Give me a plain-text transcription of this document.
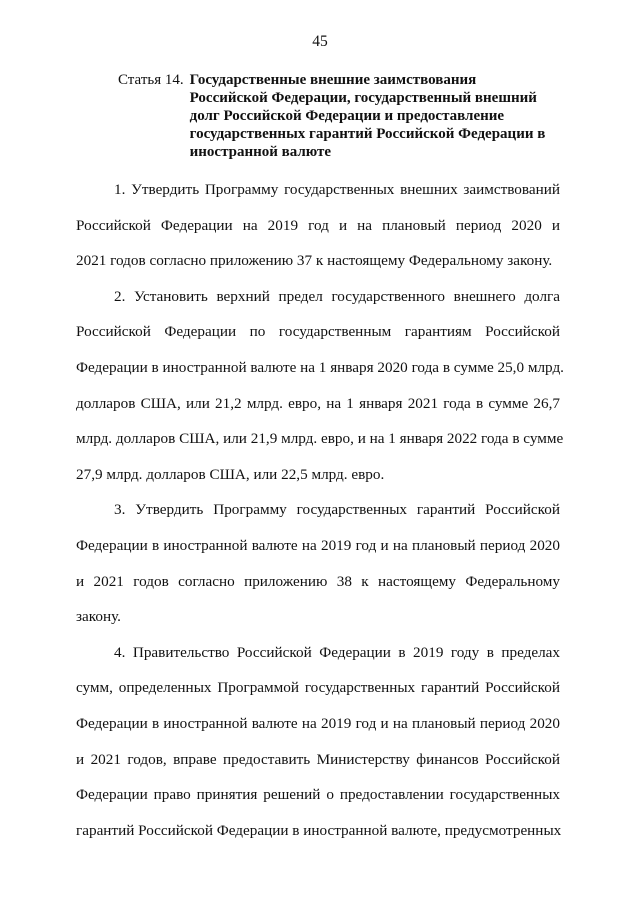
45
Статья 14. Государственные внешние заимствования
Российской Федерации, государственный внешний
долг Российской Федерации и предоставление
государственных гарантий Российской Федерации в
иностранной валюте
1. Утвердить Программу государственных внешних заимствований
Российской Федерации на 2019 год и на плановый период 2020 и
2021 годов согласно приложению 37 к настоящему Федеральному закону.
2. Установить верхний предел государственного внешнего долга
Российской Федерации по государственным гарантиям Российской
Федерации в иностранной валюте на 1 января 2020 года в сумме 25,0 млрд.
долларов США, или 21,2 млрд. евро, на 1 января 2021 года в сумме 26,7
млрд. долларов США, или 21,9 млрд. евро, и на 1 января 2022 года в сумме
27,9 млрд. долларов США, или 22,5 млрд. евро.
3. Утвердить Программу государственных гарантий Российской
Федерации в иностранной валюте на 2019 год и на плановый период 2020
и 2021 годов согласно приложению 38 к настоящему Федеральному
закону.
4. Правительство Российской Федерации в 2019 году в пределах
сумм, определенных Программой государственных гарантий Российской
Федерации в иностранной валюте на 2019 год и на плановый период 2020
и 2021 годов, вправе предоставить Министерству финансов Российской
Федерации право принятия решений о предоставлении государственных
гарантий Российской Федерации в иностранной валюте, предусмотренных
